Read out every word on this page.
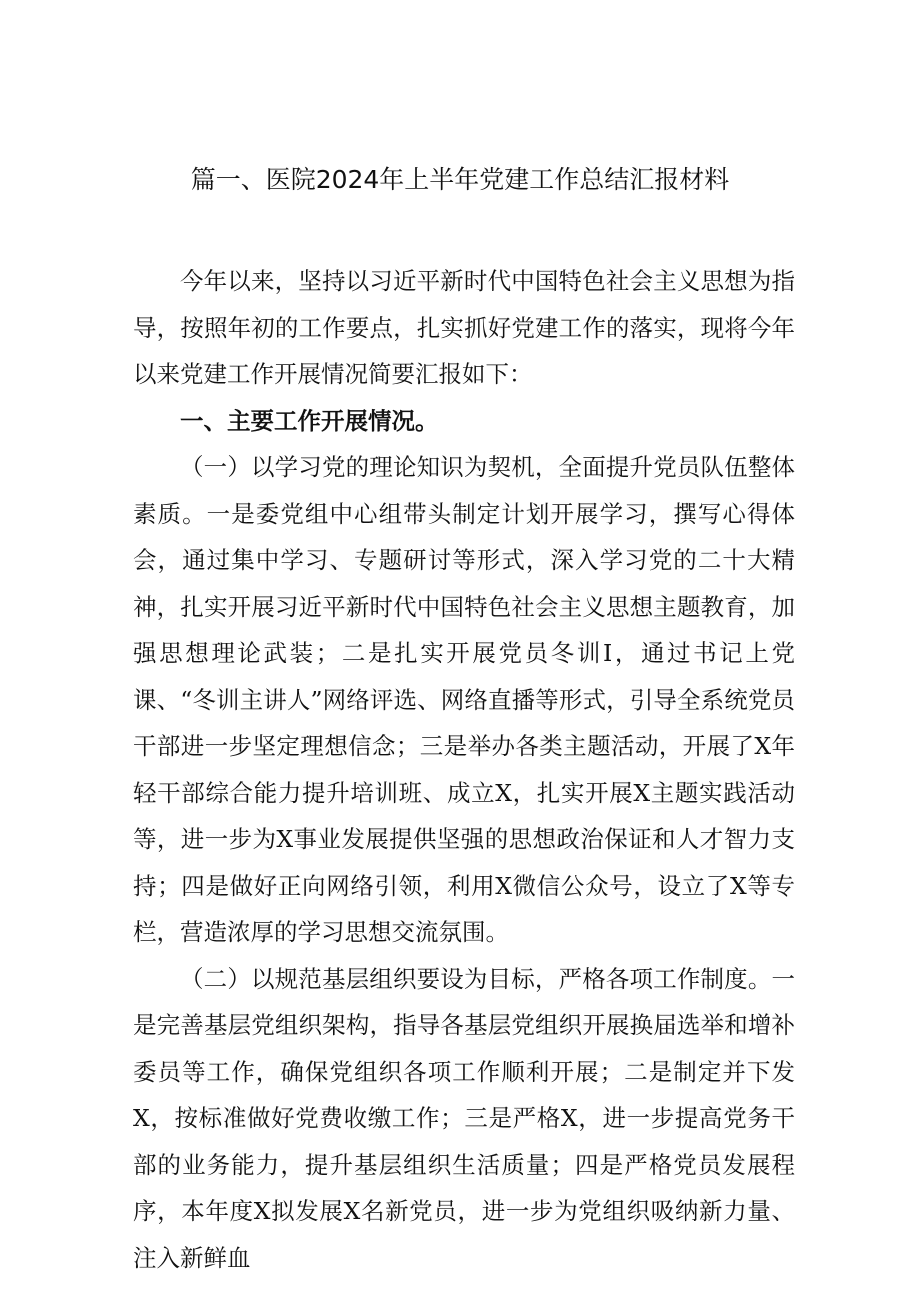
篇一、医院2024年上半年党建工作总结汇报材料

今年以来，坚持以习近平新时代中国特色社会主义思想为指导，按照年初的工作要点，扎实抓好党建工作的落实，现将今年以来党建工作开展情况简要汇报如下：

一、主要工作开展情况。

（一）以学习党的理论知识为契机，全面提升党员队伍整体素质。一是委党组中心组带头制定计划开展学习，撰写心得体会，通过集中学习、专题研讨等形式，深入学习党的二十大精神，扎实开展习近平新时代中国特色社会主义思想主题教育，加强思想理论武装；二是扎实开展党员冬训I，通过书记上党课、“冬训主讲人”网络评选、网络直播等形式，引导全系统党员干部进一步坚定理想信念；三是举办各类主题活动，开展了X年轻干部综合能力提升培训班、成立X，扎实开展X主题实践活动等，进一步为X事业发展提供坚强的思想政治保证和人才智力支持；四是做好正向网络引领，利用X微信公众号，设立了X等专栏，营造浓厚的学习思想交流氛围。

（二）以规范基层组织要设为目标，严格各项工作制度。一是完善基层党组织架构，指导各基层党组织开展换届选举和增补委员等工作，确保党组织各项工作顺利开展；二是制定并下发X，按标准做好党费收缴工作；三是严格X，进一步提高党务干部的业务能力，提升基层组织生活质量；四是严格党员发展程序，本年度X拟发展X名新党员，进一步为党组织吸纳新力量、注入新鲜血
